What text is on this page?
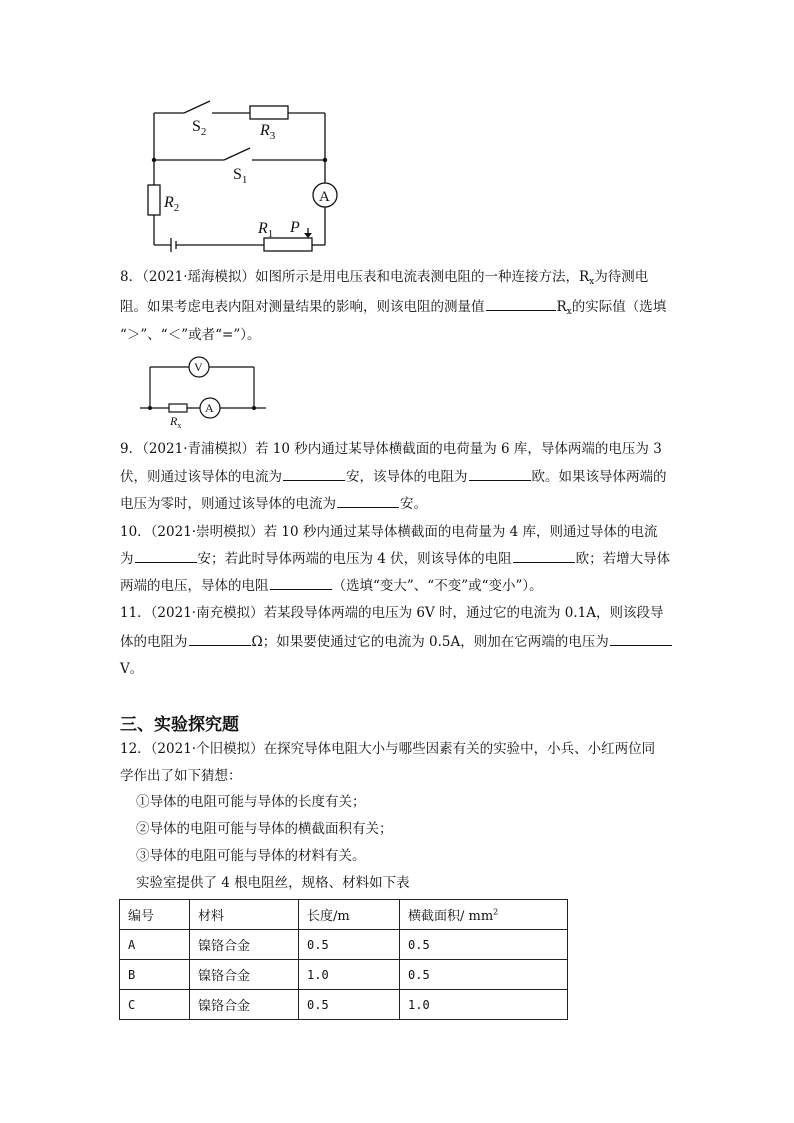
$S_2$	$R_3$
$S_1$
$R_2$
$R_1$ P
A
8．（2021·瑶海模拟）如图所示是用电压表和电流表测电阻的一种连接方法，$R_x$为待测电
阻。如果考虑电表内阻对测量结果的影响，则该电阻的测量值	$R_x$的实际值（选填
“＞”、“＜”或者“=”）。
V
A
$R_x$
9．（2021·青浦模拟）若 10 秒内通过某导体横截面的电荷量为 6 库，导体两端的电压为 3
伏，则通过该导体的电流为	安，该导体的电阻为	欧。如果该导体两端的
电压为零时，则通过该导体的电流为	安。
10．（2021·崇明模拟）若 10 秒内通过某导体横截面的电荷量为 4 库，则通过导体的电流
为	安；若此时导体两端的电压为 4 伏，则该导体的电阻	欧；若增大导体
两端的电压，导体的电阻	（选填“变大”、“不变”或“变小”）。
11．（2021·南充模拟）若某段导体两端的电压为 6V 时，通过它的电流为 0.1A，则该段导
体的电阻为	Ω；如果要使通过它的电流为 0.5A，则加在它两端的电压为
V。
三、实验探究题
12．（2021·个旧模拟）在探究导体电阻大小与哪些因素有关的实验中，小兵、小红两位同
学作出了如下猜想：
①导体的电阻可能与导体的长度有关；
②导体的电阻可能与导体的横截面积有关；
③导体的电阻可能与导体的材料有关。
实验室提供了 4 根电阻丝，规格、材料如下表
编号	材料	长度/m	横截面积/ $mm^2$
A	镍铬合金	0.5	0.5
B	镍铬合金	1.0	0.5
C	镍铬合金	0.5	1.0
